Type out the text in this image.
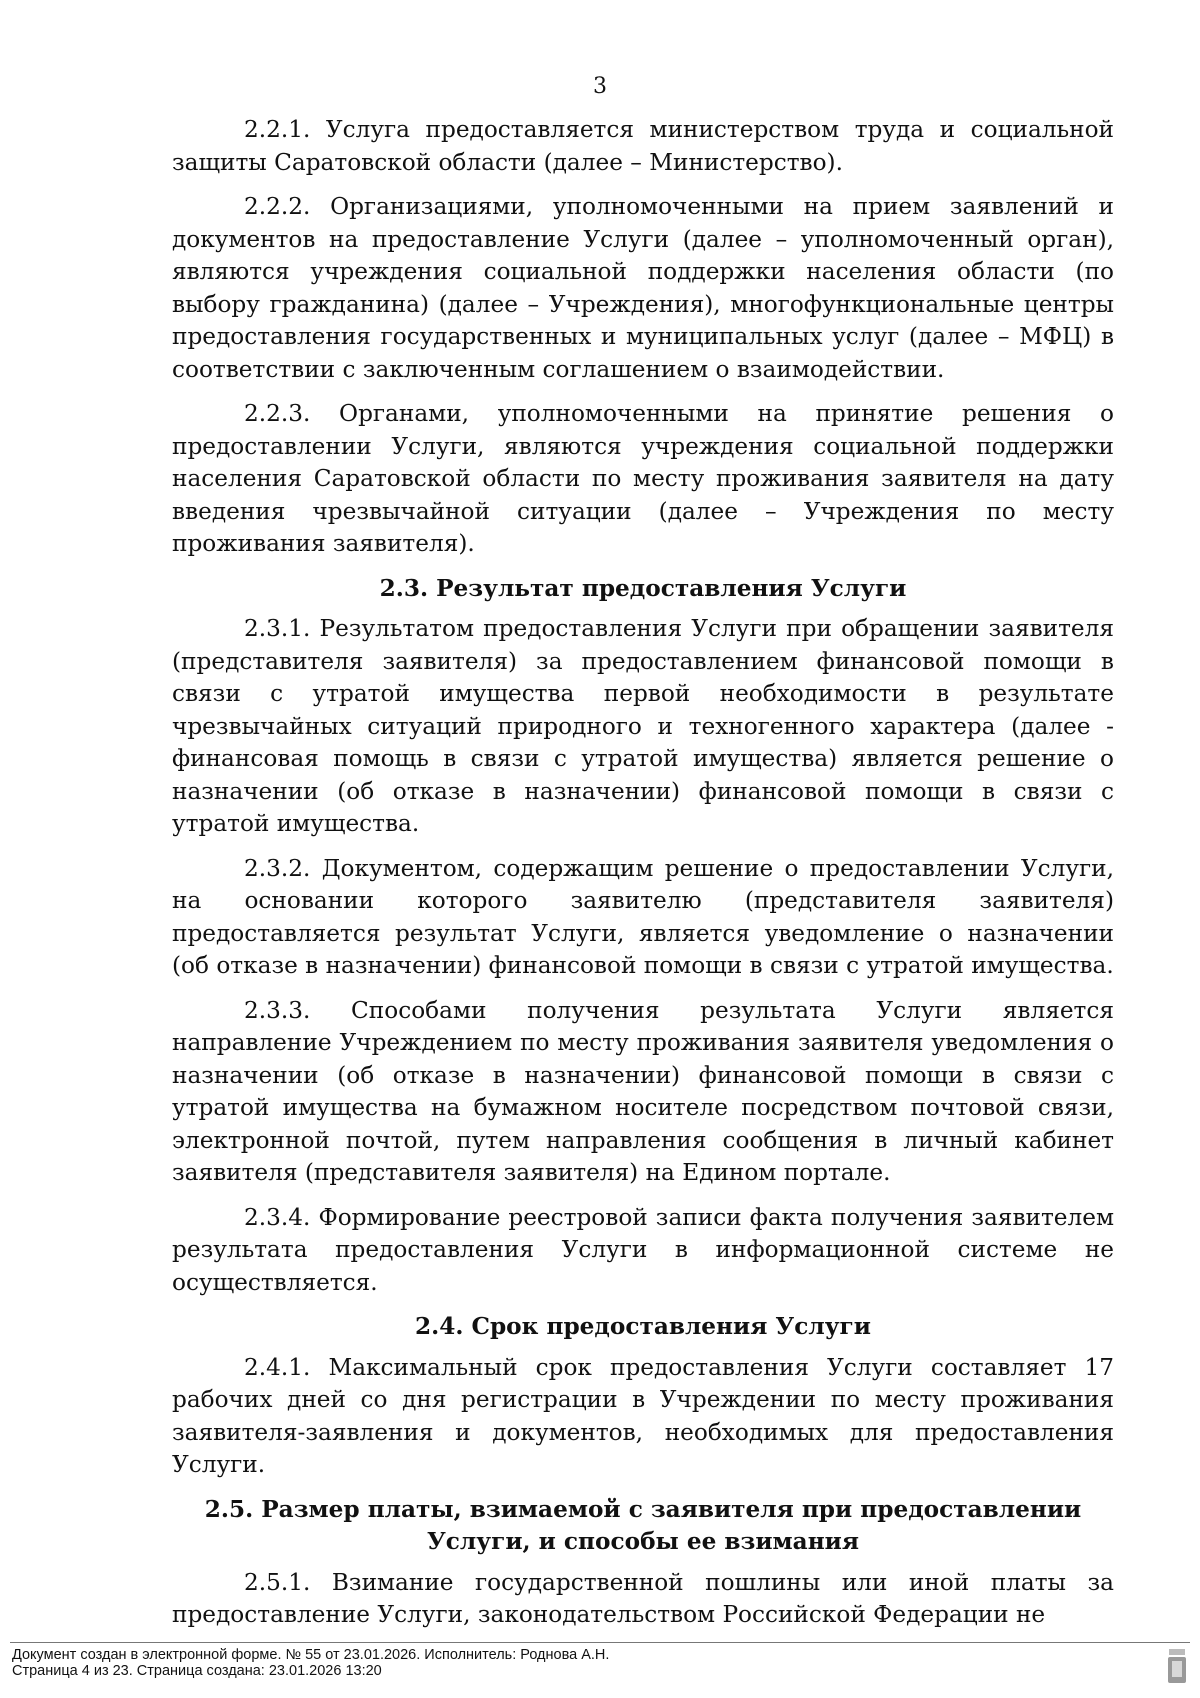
3

2.2.1. Услуга предоставляется министерством труда и социальной защиты Саратовской области (далее – Министерство).

2.2.2. Организациями, уполномоченными на прием заявлений и документов на предоставление Услуги (далее – уполномоченный орган), являются учреждения социальной поддержки населения области (по выбору гражданина) (далее – Учреждения), многофункциональные центры предоставления государственных и муниципальных услуг (далее – МФЦ) в соответствии с заключенным соглашением о взаимодействии.

2.2.3. Органами, уполномоченными на принятие решения о предоставлении Услуги, являются учреждения социальной поддержки населения Саратовской области по месту проживания заявителя на дату введения чрезвычайной ситуации (далее – Учреждения по месту проживания заявителя).

2.3. Результат предоставления Услуги

2.3.1. Результатом предоставления Услуги при обращении заявителя (представителя заявителя) за предоставлением финансовой помощи в связи с утратой имущества первой необходимости в результате чрезвычайных ситуаций природного и техногенного характера (далее - финансовая помощь в связи с утратой имущества) является решение о назначении (об отказе в назначении) финансовой помощи в связи с утратой имущества.

2.3.2. Документом, содержащим решение о предоставлении Услуги, на основании которого заявителю (представителя заявителя) предоставляется результат Услуги, является уведомление о назначении (об отказе в назначении) финансовой помощи в связи с утратой имущества.

2.3.3. Способами получения результата Услуги является направление Учреждением по месту проживания заявителя уведомления о назначении (об отказе в назначении) финансовой помощи в связи с утратой имущества на бумажном носителе посредством почтовой связи, электронной почтой, путем направления сообщения в личный кабинет заявителя (представителя заявителя) на Едином портале.

2.3.4. Формирование реестровой записи факта получения заявителем результата предоставления Услуги в информационной системе не осуществляется.

2.4. Срок предоставления Услуги

2.4.1. Максимальный срок предоставления Услуги составляет 17 рабочих дней со дня регистрации в Учреждении по месту проживания заявителя-заявления и документов, необходимых для предоставления Услуги.

2.5. Размер платы, взимаемой с заявителя при предоставлении Услуги, и способы ее взимания

2.5.1. Взимание государственной пошлины или иной платы за предоставление Услуги, законодательством Российской Федерации не

Документ создан в электронной форме. № 55 от 23.01.2026. Исполнитель: Роднова А.Н.
Страница 4 из 23. Страница создана: 23.01.2026 13:20
